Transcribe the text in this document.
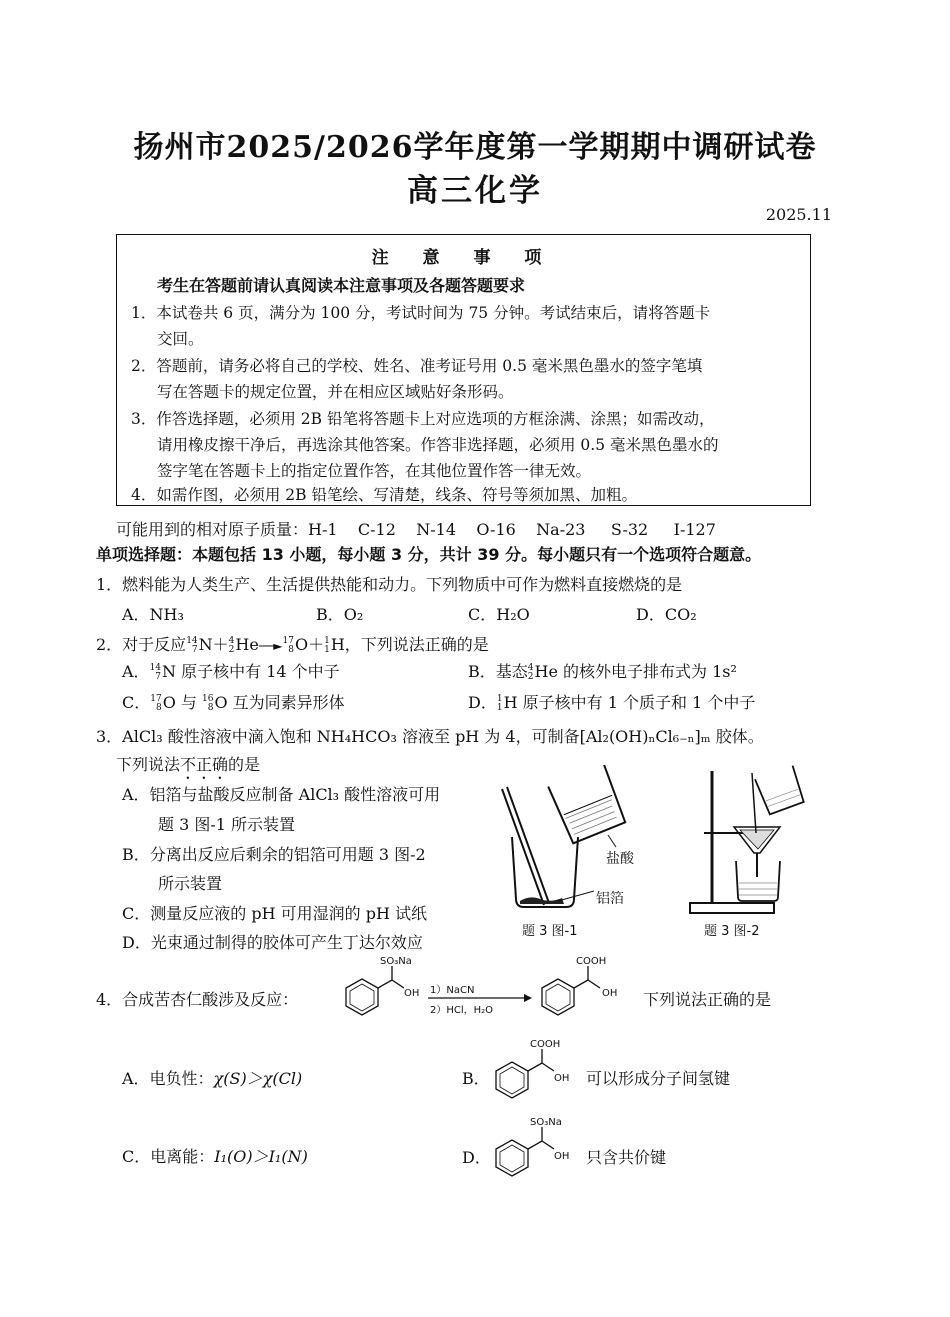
扬州市2025/2026学年度第一学期期中调研试卷
高三化学
2025.11
注 意 事 项
考生在答题前请认真阅读本注意事项及各题答题要求
1．本试卷共 6 页，满分为 100 分，考试时间为 75 分钟。考试结束后，请将答题卡
交回。
2．答题前，请务必将自己的学校、姓名、准考证号用 0.5 毫米黑色墨水的签字笔填
写在答题卡的规定位置，并在相应区域贴好条形码。
3．作答选择题，必须用 2B 铅笔将答题卡上对应选项的方框涂满、涂黑；如需改动，
请用橡皮擦干净后，再选涂其他答案。作答非选择题，必须用 0.5 毫米黑色墨水的
签字笔在答题卡上的指定位置作答，在其他位置作答一律无效。
4．如需作图，必须用 2B 铅笔绘、写清楚，线条、符号等须加黑、加粗。
可能用到的相对原子质量：H-1    C-12    N-14    O-16    Na-23     S-32     I-127
单项选择题：本题包括 13 小题，每小题 3 分，共计 39 分。每小题只有一个选项符合题意。
1．燃料能为人类生产、生活提供热能和动力。下列物质中可作为燃料直接燃烧的是
A．NH₃	B．O₂	C．H₂O	D．CO₂
2．对于反应14
7N＋4
2He──►17
8O＋1
1H，下列说法正确的是
A．14
7N 原子核中有 14 个中子	B．基态4
2He 的核外电子排布式为 1s²
C．17
8O 与 16
8O 互为同素异形体	D．1
1H 原子核中有 1 个质子和 1 个中子
3．AlCl₃ 酸性溶液中滴入饱和 NH₄HCO₃ 溶液至 pH 为 4，可制备[Al₂(OH)ₙCl₆₋ₙ]ₘ 胶体。
下列说法不正确的是
A．铝箔与盐酸反应制备 AlCl₃ 酸性溶液可用
题 3 图-1 所示装置
B．分离出反应后剩余的铝箔可用题 3 图-2
所示装置
C．测量反应液的 pH 可用湿润的 pH 试纸
D．光束通过制得的胶体可产生丁达尔效应
盐酸
铝箔
题 3 图-1	题 3 图-2
4．合成苦杏仁酸涉及反应：
SO₃Na
OH 1）NaCN
2）HCl，H₂O
COOH
OH 下列说法正确的是
A．电负性：χ(S)＞χ(Cl)	B．
COOH
OH 可以形成分子间氢键
C．电离能：I₁(O)＞I₁(N)	D．
SO₃Na
OH 只含共价键
